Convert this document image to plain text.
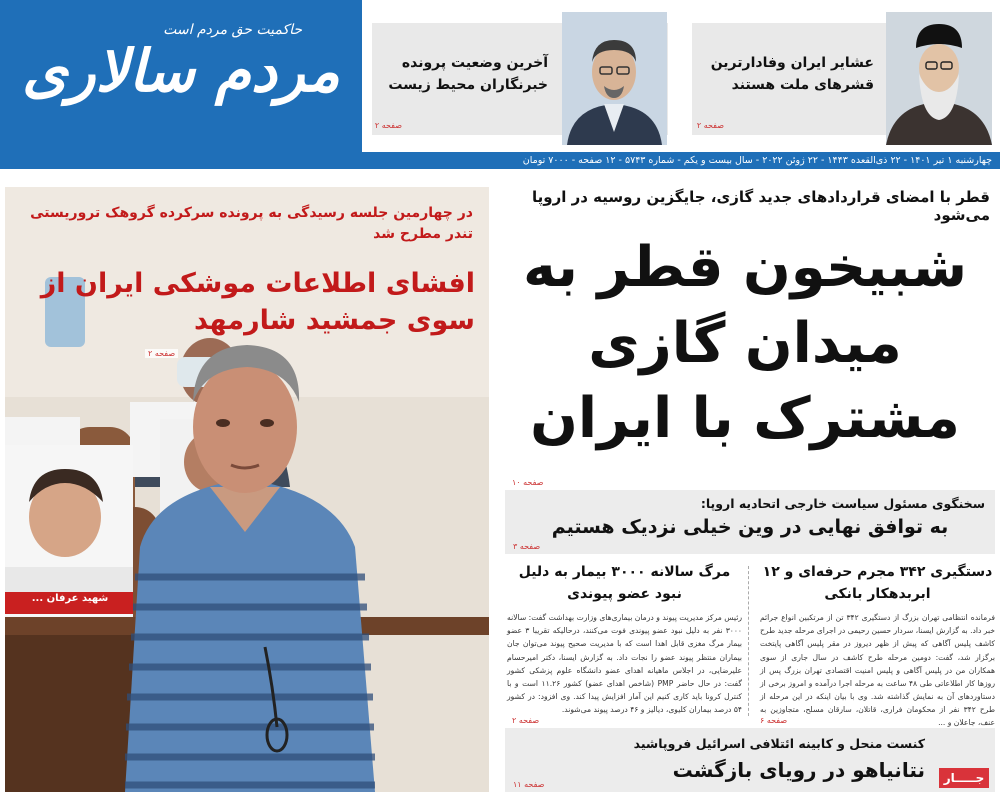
حاکمیت حق مردم است
مردم سالاری	آخرین وضعیت پرونده خبرنگاران محیط زیست
صفحه ۲
عشایر ایران وفادارترین قشرهای ملت هستند
صفحه ۲
چهارشنبه ۱ تیر ۱۴۰۱ - ۲۲ ذی‌القعده ۱۴۴۳ - ۲۲ ژوئن ۲۰۲۲ - سال بیست و یکم - شماره ۵۷۴۳ - ۱۲ صفحه - ۷۰۰۰ تومان
در چهارمین جلسه رسیدگی به پرونده سرکرده گروهک تروریستی تندر مطرح شد
افشای اطلاعات موشکی ایران از سوی جمشید شارمهد
صفحه ۲
قطر با امضای قراردادهای جدید گازی، جایگزین روسیه در اروپا می‌شود
شبیخون قطر به میدان گازی مشترک با ایران
صفحه ۱۰
سخنگوی مسئول سیاست خارجی اتحادیه اروپا:
به توافق نهایی در وین خیلی نزدیک هستیم
صفحه ۳
دستگیری ۳۴۲ مجرم حرفه‌ای و ۱۲ ابربدهکار بانکی
فرمانده انتظامی تهران بزرگ از دستگیری ۳۴۲ تن از مرتکبین انواع جرائم خبر داد. به گزارش ایسنا، سردار حسین رحیمی در اجرای مرحله جدید طرح کاشف پلیس آگاهی که پیش از ظهر دیروز در مقر پلیس آگاهی پایتخت برگزار شد، گفت: دومین مرحله طرح کاشف در سال جاری از سوی همکاران من در پلیس آگاهی و پلیس امنیت اقتصادی تهران بزرگ پس از روزها کار اطلاعاتی طی ۴۸ ساعت به مرحله اجرا درآمده و امروز برخی از دستاوردهای آن به نمایش گذاشته شد. وی با بیان اینکه در این مرحله از طرح ۳۴۲ نفر از محکومان فراری، قاتلان، سارقان مسلح، متجاوزین به عنف، جاعلان و ...
صفحه ۶
مرگ سالانه ۳۰۰۰ بیمار به دلیل نبود عضو پیوندی
رئیس مرکز مدیریت پیوند و درمان بیماری‌های وزارت بهداشت گفت: سالانه ۳۰۰۰ نفر به دلیل نبود عضو پیوندی فوت می‌کنند، درحالیکه تقریبا ۳ عضو بیمار مرگ مغزی قابل اهدا است که با مدیریت صحیح پیوند می‌توان جان بیماران منتظر پیوند عضو را نجات داد. به گزارش ایسنا، دکتر امیرحسام علیرضایی، در اجلاس ماهیانه اهدای عضو دانشگاه علوم پزشکی کشور گفت: در حال حاضر PMP (شاخص اهدای عضو) کشور ۱۱.۲۶ است و با کنترل کرونا باید کاری کنیم این آمار افزایش پیدا کند. وی افزود: در کشور ۵۴ درصد بیماران کلیوی، دیالیز و ۴۶ درصد پیوند می‌شوند.
صفحه ۲
کنست منحل و کابینه ائتلافی اسرائیل فروپاشید
نتانیاهو در رویای بازگشت	جـــــار
صفحه ۱۱
شهید عرفان ...
